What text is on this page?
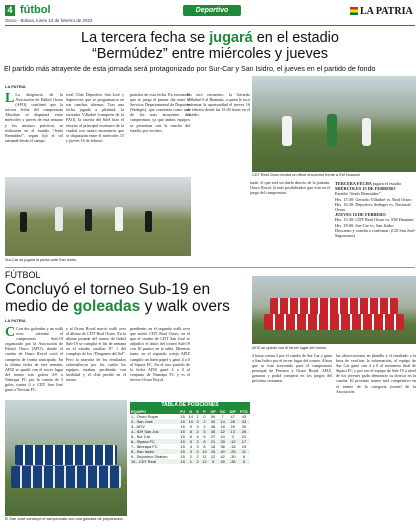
4 fútbol	Deportivo
Oruro - Bolivia, lunes 13 de febrero de 2023
LA PATRIA
La tercera fecha se jugará en el estadio
“Bermúdez” entre miércoles y jueves
El partido más atrayente de esta jornada será protagonizado por Sur-Car y San Isidro, el jueves en el partido de fondo
LA PATRIA
L La dirigencia de la Asociación de Fútbol Oruro (AFO), confirmó que la tercera fecha del campeonato Absoluto se disputará entre miércoles y jueves de esta semana y los mismos prácticos se realizarán en el estadio “Jesús Bermúdez”, según fijó el rol semanal desde el campo.
rival Club Deportivo San José y Saprecross que se programaron en sus canchas alternas. Tras una fecha jugada a plenitud, la escuadra Vilhabré (campeón de la FAO), la casería del Sifel hizo el retorno al principal escenario de la ciudad con cuatro encuentros que se disputarán entre el miércoles 15 y jueves 16 de febrero.
partidos de esta fecha. En encuentro que se juega el primer día entre el Servicio Departamental de Deportes (Sedeges), que concentra como uno de los más atrayentes del campeonato, ya que ambos equipos se presentan con la cancha del estadio por vecinos.
En otro encuentro, la Gerardo Vilhabré 6 al Huanuni, a quien le tocó enfrentar la oportunidad el jueves 16 de febrero desde las 15:30 horas en el estadio.
Sur-Car se jugará la punta ante San Isidro.
tarde, el que será un duelo directo de la jornada. Oruro Royal, la más posibilitados que está en el juego del campeonato.
CDT Real Oruro tendrá un difícil encuentro frente a EM Huanuni
TERCERA FECHA jugará el estadio
MIÉRCOLES 15 DE FEBRERO
Estadio “Jesús Bermúdez”
Hrs. 15:30: Gerardo Vilhabré vs. Real Oruro
Hrs. 16:30: Deportivo Sedeges vs. Nacional Oruro
JUEVES 16 DE FEBRERO
Hrs. 15:30: CDT Real Oruro vs. EM Huanuni
Hrs. 18:00: Sur-Car vs. San Isidro
Descanso y cancha a confirmar: (CD San José-Sagrasmos)
FÚTBOL
Concluyó el torneo Sub-19 en
medio de goleadas y walk overs
LA PATRIA
C Con dos goleadas y un walk over, culminó el campeonato Sub-19 organizado por la Asociación de Fútbol Oruro (AFO), donde el cuadro de Oruro Royal cortó el campeón de forma anticipada. En la última fecha de este semana, AFIZ se quedó con el tercer lugar del torneo tras golear 4-0 a Nimrapa FC por la cuenta de 5 goles contra 0 y CDT San José ganó a Tiesvan FC.
y al Oruro Royal marcó walk over al último de CDT Real Oruro. En la última jornada del torneo de fútbol Sub-19 se cumplió el fin de semana en el estadio auxiliar N° 1 del complejo de los “Dragones del Sol”. Pero la mayoría de los resultados sobresalieron por los cuales los equipos estaban perdiendo con facilidad y el club perdió en el torneo.
pendiente, en el segundo walk over que sufrió CDT Real Oruro, en el que el cuadro de CDT San José se adjudicó el título del torneo Sub-19 con 30 puntos en la tabla. Mientras tanto, en el segundo cotejo AFIZ cumplió un buen papel y ganó 4 a 0 al Sipaca FC. En el otro partido de la fecha AFIZ ganó 4 a 0 al conjunto de Nimrapa FC y vs el tercero Oruro Royal.
AFIZ se quedó con el tercer lugar del torneo.
4 hasta contra 2 por el cuadro de Sur Car y ganó a San Isidro por el tercer lugar del torneo. Ahora que se está acercando para el campeonato principal de Primera y Oruro Royal, AFIZ, ganaron y podrá competir en los juegos del próximo certamen.
las observaciones en planilla y el resultado a la hora de verificar la información, el equipo de Sur Car ganó con 4 a 0 al encuentro final de Sipaca FC y por eso el equipo de Sub-19 a nivel de los jóvenes pudo demostrar su técnica en la cancha. El próximo torneo será competitivo en el torneo de la categoría juvenil de la Asociación.
El San José concluyó el campeonato con una goleada de preparación.
TABLA DE POSICIONES
EQUIPO	PJ	G	E	P	GF	GC	DIF	PTS
1.- Oruro Royal	15	14	1	0	54	7	47	43
2.- San José	15	10	3	2	40	14	26	33
3.- AFIZ	15	9	3	3	38	18	20	30
4.- IDH San Jos	15	8	2	5	35	22	13	26
5.- Sur Car	15	6	4	5	27	24	3	22
6.- Sipaca FC	15	5	2	8	21	33	-12	17
7.- Nimrapa FC	15	4	3	8	18	36	-18	15
8.- San Isidro	15	3	2	10	15	40	-25	11
9.- Deportivo Shalom	15	2	2	11	12	42	-30	8
10.- CDT Real	15	1	2	12	9	45	-36	5
